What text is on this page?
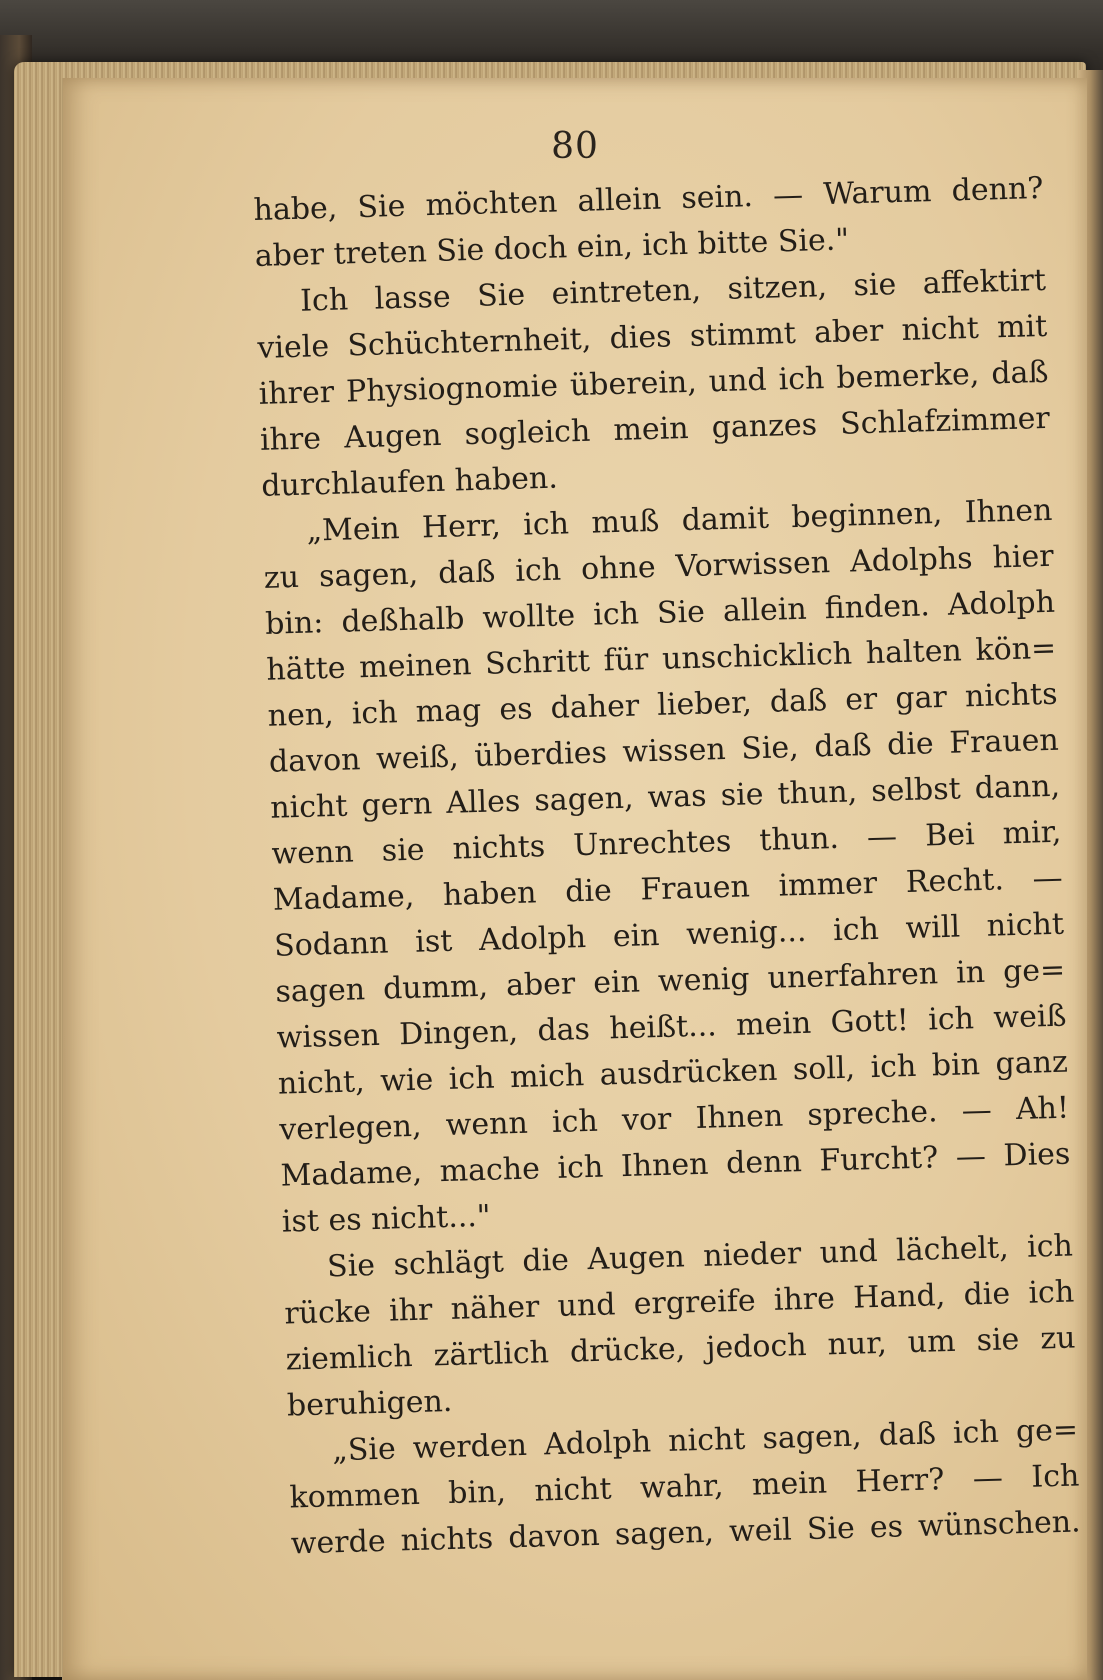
80
habe, Sie möchten allein sein. — Warum denn?
aber treten Sie doch ein, ich bitte Sie."
Ich lasse Sie eintreten, sitzen, sie affektirt
viele Schüchternheit, dies stimmt aber nicht mit
ihrer Physiognomie überein, und ich bemerke, daß
ihre Augen sogleich mein ganzes Schlafzimmer
durchlaufen haben.
„Mein Herr, ich muß damit beginnen, Ihnen
zu sagen, daß ich ohne Vorwissen Adolphs hier
bin: deßhalb wollte ich Sie allein finden. Adolph
hätte meinen Schritt für unschicklich halten kön=
nen, ich mag es daher lieber, daß er gar nichts
davon weiß, überdies wissen Sie, daß die Frauen
nicht gern Alles sagen, was sie thun, selbst dann,
wenn sie nichts Unrechtes thun. — Bei mir,
Madame, haben die Frauen immer Recht. —
Sodann ist Adolph ein wenig... ich will nicht
sagen dumm, aber ein wenig unerfahren in ge=
wissen Dingen, das heißt... mein Gott! ich weiß
nicht, wie ich mich ausdrücken soll, ich bin ganz
verlegen, wenn ich vor Ihnen spreche. — Ah!
Madame, mache ich Ihnen denn Furcht? — Dies
ist es nicht..."
Sie schlägt die Augen nieder und lächelt, ich
rücke ihr näher und ergreife ihre Hand, die ich
ziemlich zärtlich drücke, jedoch nur, um sie zu
beruhigen.
„Sie werden Adolph nicht sagen, daß ich ge=
kommen bin, nicht wahr, mein Herr? — Ich
werde nichts davon sagen, weil Sie es wünschen.
